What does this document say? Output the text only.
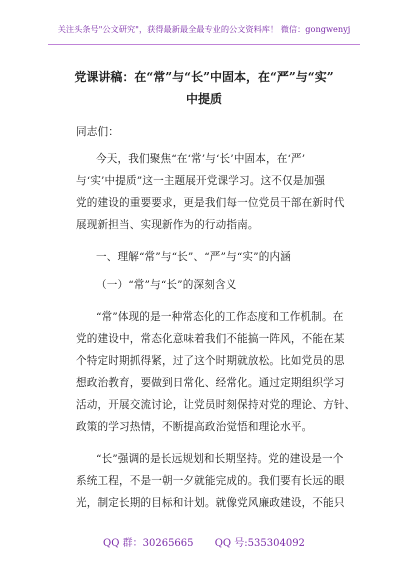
关注头条号"公文研究"，获得最新最全最专业的公文资料库！ 微信：gongwenyj
党课讲稿：在“常”与“长”中固本，在“严”与“实”
中提质
同志们：
今天，我们聚焦“在‘常’与‘长’中固本，在‘严’
与‘实’中提质”这一主题展开党课学习。这不仅是加强
党的建设的重要要求，更是我们每一位党员干部在新时代
展现新担当、实现新作为的行动指南。
一、理解“常”与“长”、“严”与“实”的内涵
（一）“常”与“长”的深刻含义
“常”体现的是一种常态化的工作态度和工作机制。在
党的建设中，常态化意味着我们不能搞一阵风，不能在某
个特定时期抓得紧，过了这个时期就放松。比如党员的思
想政治教育，要做到日常化、经常化。通过定期组织学习
活动，开展交流讨论，让党员时刻保持对党的理论、方针、
政策的学习热情，不断提高政治觉悟和理论水平。
“长”强调的是长远规划和长期坚持。党的建设是一个
系统工程，不是一朝一夕就能完成的。我们要有长远的眼
光，制定长期的目标和计划。就像党风廉政建设，不能只
QQ 群：30265665 QQ 号:535304092
